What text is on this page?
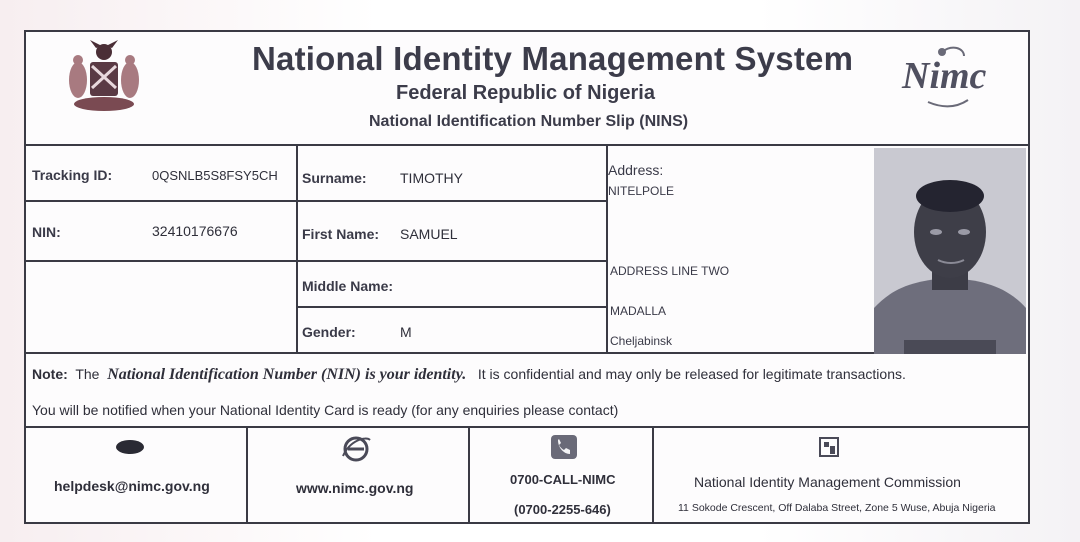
National Identity Management System
Federal Republic of Nigeria
National Identification Number Slip (NINS)
Nimc
Tracking ID:	0QSNLB5S8FSY5CH Surname: TIMOTHY
NIN:	32410176676	First Name: SAMUEL
Middle Name:
Gender:	M
Address:
NITELPOLE
ADDRESS LINE TWO
MADALLA
Cheljabinsk
Note: The National Identification Number (NIN) is your identity. It is confidential and may only be released for legitimate transactions.
You will be notified when your National Identity Card is ready (for any enquiries please contact)
helpdesk@nimc.gov.ng	www.nimc.gov.ng
0700-CALL-NIMC
(0700-2255-646)
National Identity Management Commission
11 Sokode Crescent, Off Dalaba Street, Zone 5 Wuse, Abuja Nigeria
